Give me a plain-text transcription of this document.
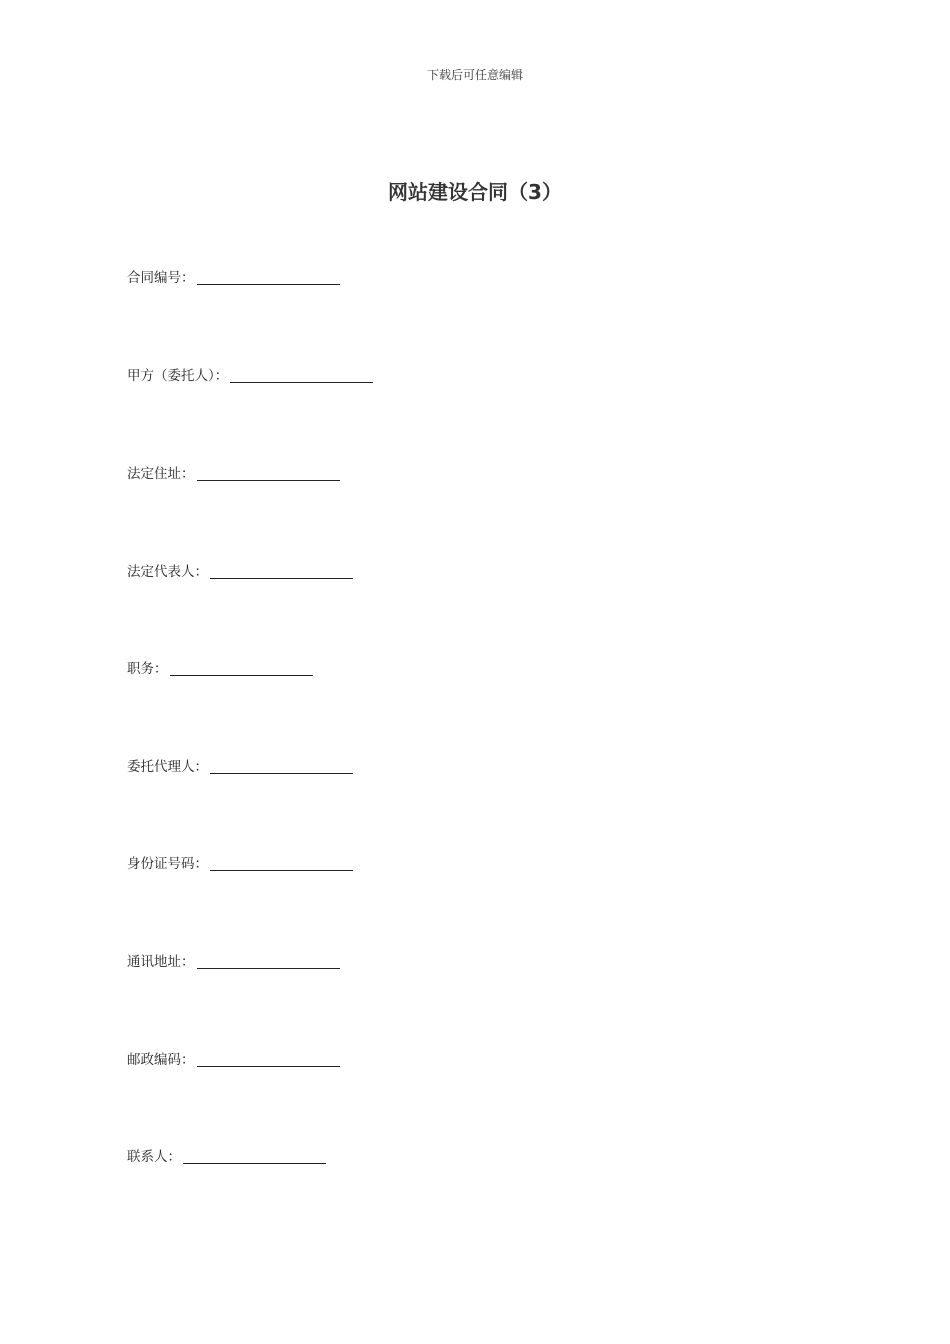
下载后可任意编辑
网站建设合同（3）
合同编号：
甲方（委托人）：
法定住址：
法定代表人：
职务：
委托代理人：
身份证号码：
通讯地址：
邮政编码：
联系人：
